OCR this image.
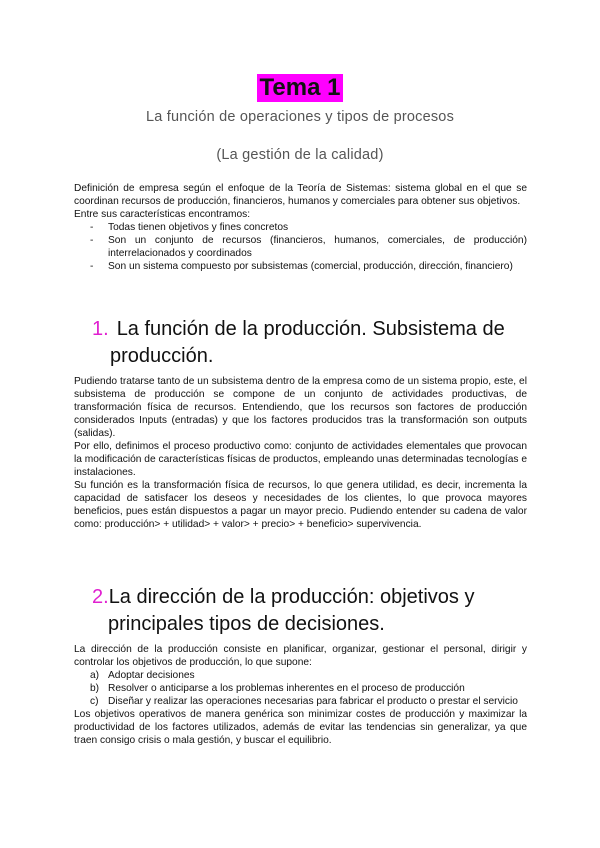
Tema 1
La función de operaciones y tipos de procesos
(La gestión de la calidad)

Definición de empresa según el enfoque de la Teoría de Sistemas: sistema global en el que se coordinan recursos de producción, financieros, humanos y comerciales para obtener sus objetivos.

Entre sus características encontramos:

- Todas tienen objetivos y fines concretos
- Son un conjunto de recursos (financieros, humanos, comerciales, de producción) interrelacionados y coordinados
- Son un sistema compuesto por subsistemas (comercial, producción, dirección, financiero)
1. La función de la producción. Subsistema de
producción.

Pudiendo tratarse tanto de un subsistema dentro de la empresa como de un sistema propio, este, el subsistema de producción se compone de un conjunto de actividades productivas, de transformación física de recursos. Entendiendo, que los recursos son factores de producción considerados Inputs (entradas) y que los factores producidos tras la transformación son outputs (salidas).

Por ello, definimos el proceso productivo como: conjunto de actividades elementales que provocan la modificación de características físicas de productos, empleando unas determinadas tecnologías e instalaciones.

Su función es la transformación física de recursos, lo que genera utilidad, es decir, incrementa la capacidad de satisfacer los deseos y necesidades de los clientes, lo que provoca mayores beneficios, pues están dispuestos a pagar un mayor precio. Pudiendo entender su cadena de valor como: producción> + utilidad> + valor> + precio> + beneficio> supervivencia.

2.La dirección de la producción: objetivos y
principales tipos de decisiones.

La dirección de la producción consiste en planificar, organizar, gestionar el personal, dirigir y controlar los objetivos de producción, lo que supone:

a) Adoptar decisiones
b) Resolver o anticiparse a los problemas inherentes en el proceso de producción
c) Diseñar y realizar las operaciones necesarias para fabricar el producto o prestar el servicio

Los objetivos operativos de manera genérica son minimizar costes de producción y maximizar la productividad de los factores utilizados, además de evitar las tendencias sin generalizar, ya que traen consigo crisis o mala gestión, y buscar el equilibrio.
